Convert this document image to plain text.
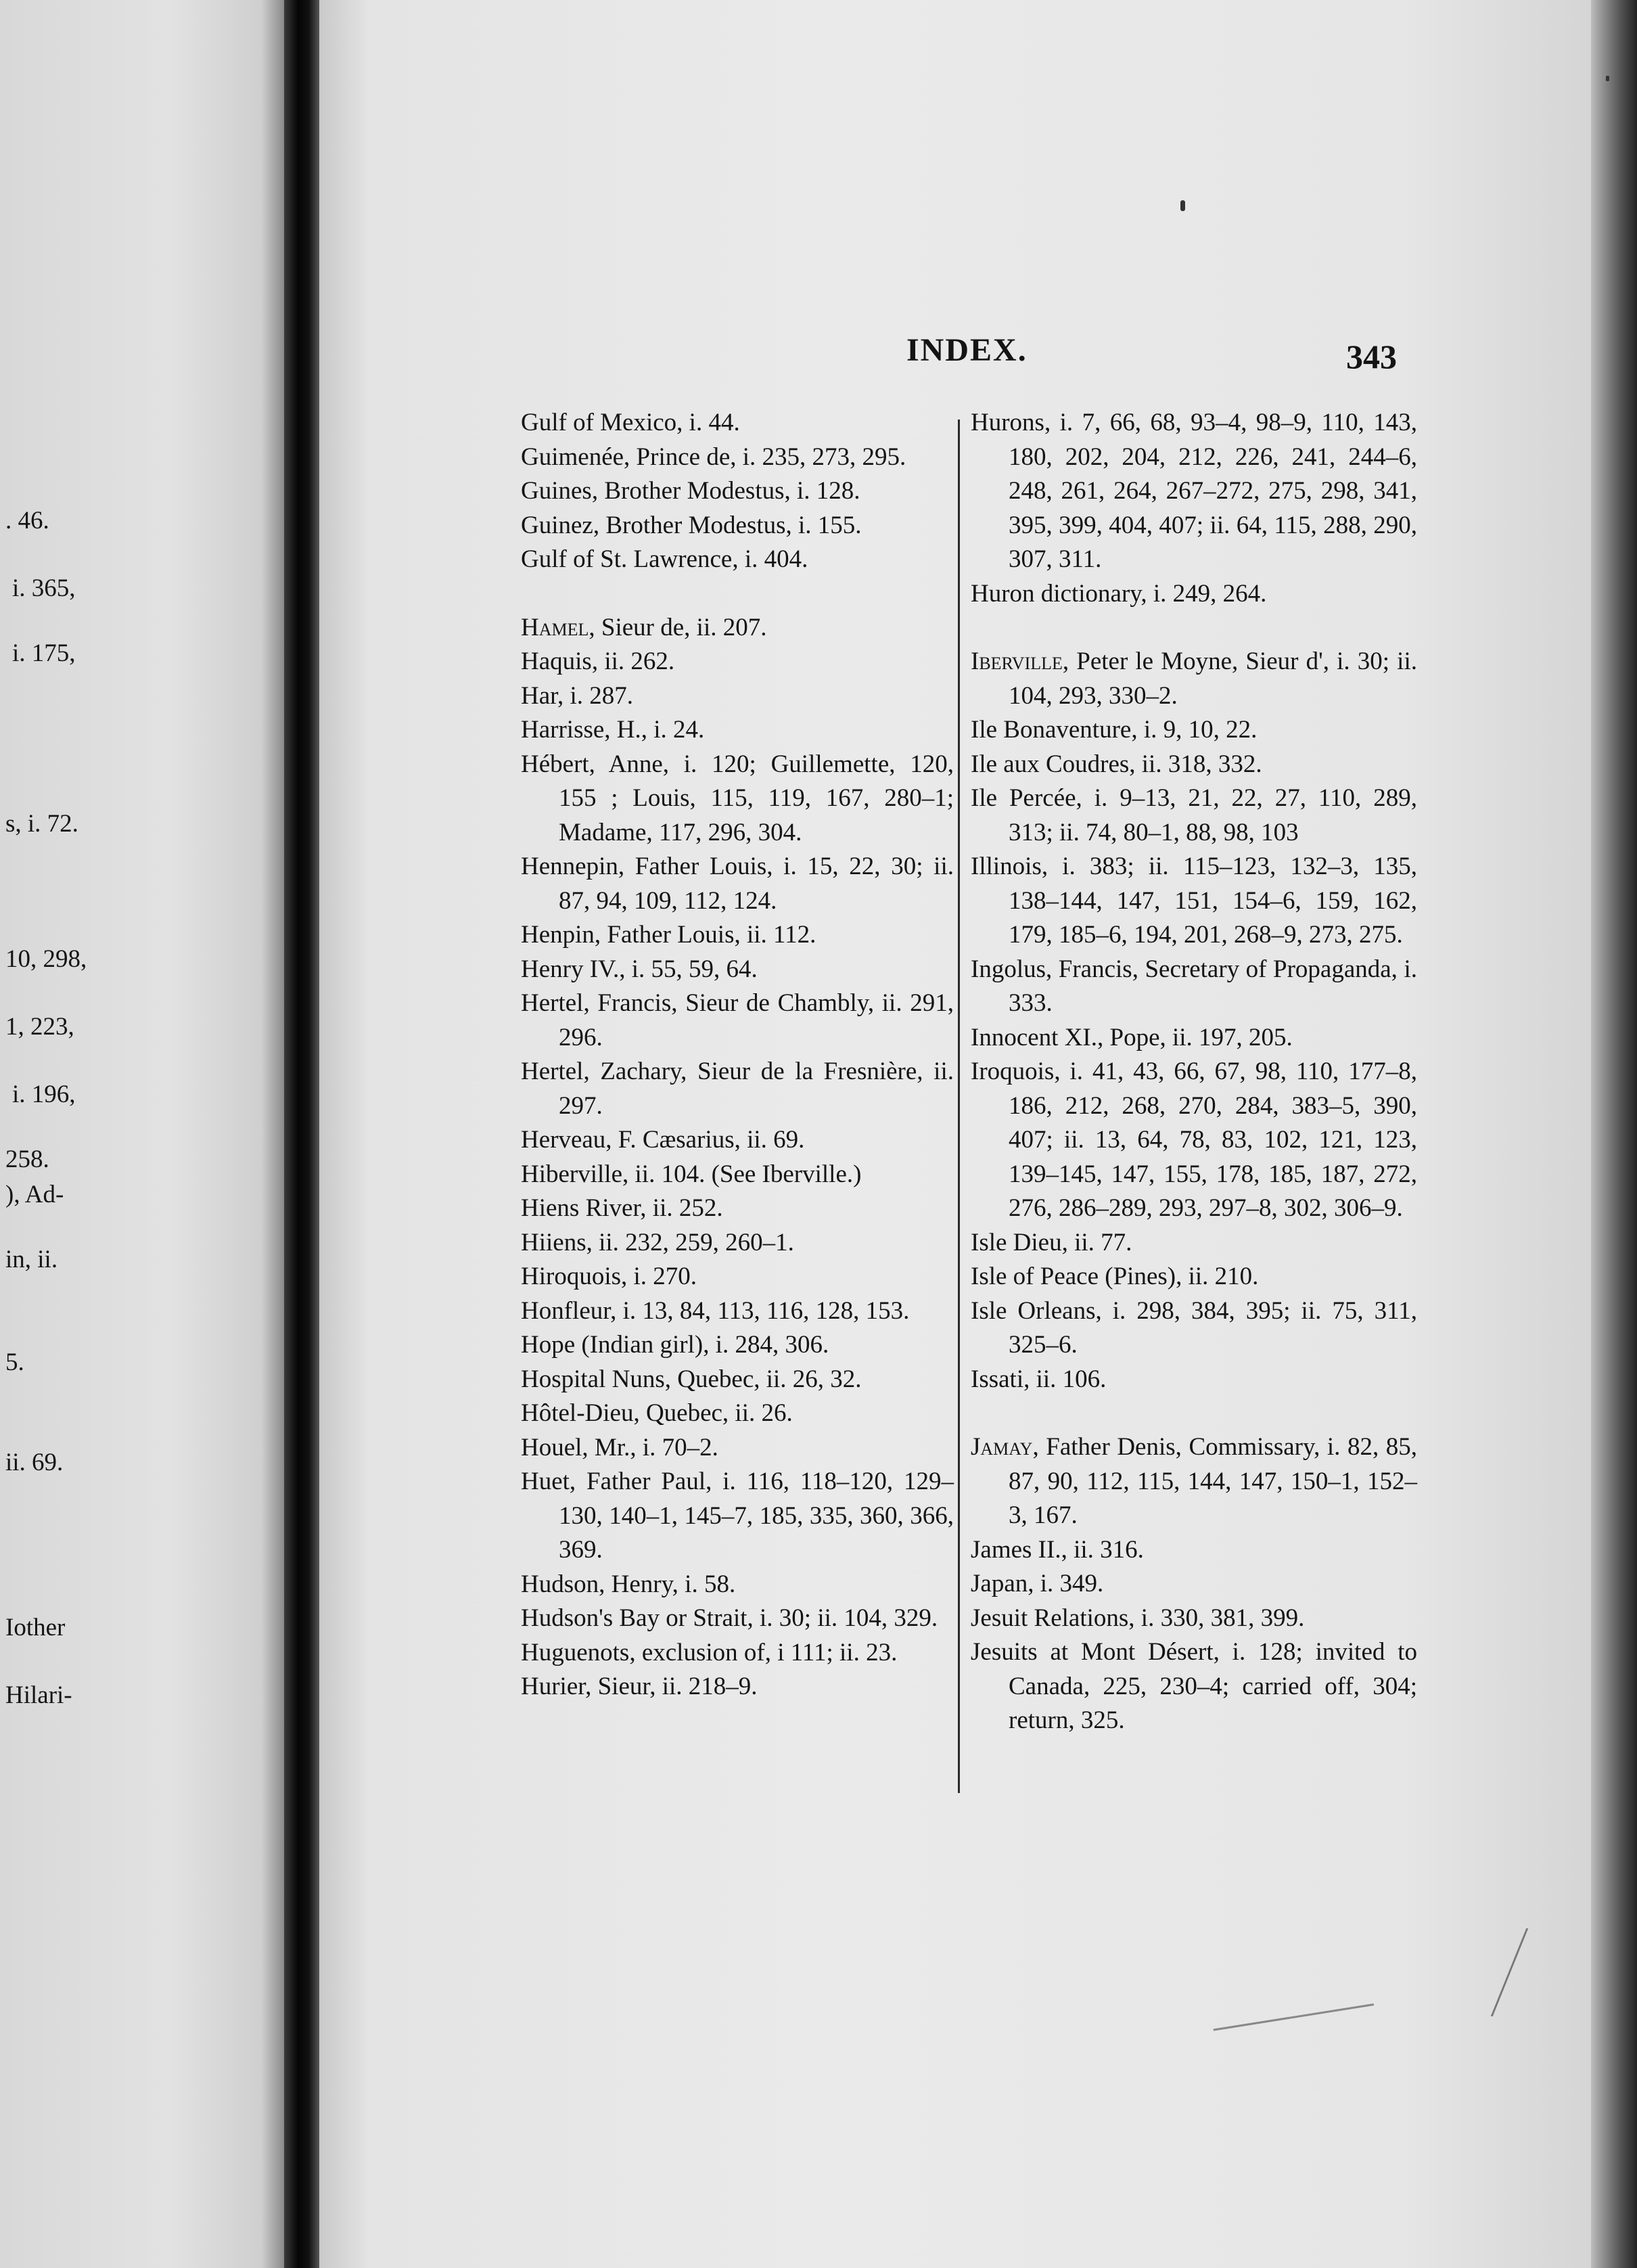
. 46.
i. 365,
i. 175,
s, i. 72.
10, 298,
1, 223,
i. 196,
258.
), Ad-
in, ii.
5.
ii. 69.
Iother
Hilari-
INDEX.	343
Gulf of Mexico, i. 44.
Guimenée, Prince de, i. 235, 273, 295.
Guines, Brother Modestus, i. 128.
Guinez, Brother Modestus, i. 155.
Gulf of St. Lawrence, i. 404.
Hamel, Sieur de, ii. 207.
Haquis, ii. 262.
Har, i. 287.
Harrisse, H., i. 24.
Hébert, Anne, i. 120; Guillemette, 120, 155 ; Louis, 115, 119, 167, 280–1; Madame, 117, 296, 304.
Hennepin, Father Louis, i. 15, 22, 30; ii. 87, 94, 109, 112, 124.
Henpin, Father Louis, ii. 112.
Henry IV., i. 55, 59, 64.
Hertel, Francis, Sieur de Chambly, ii. 291, 296.
Hertel, Zachary, Sieur de la Fresnière, ii. 297.
Herveau, F. Cæsarius, ii. 69.
Hiberville, ii. 104. (See Iberville.)
Hiens River, ii. 252.
Hiiens, ii. 232, 259, 260–1.
Hiroquois, i. 270.
Honfleur, i. 13, 84, 113, 116, 128, 153.
Hope (Indian girl), i. 284, 306.
Hospital Nuns, Quebec, ii. 26, 32.
Hôtel-Dieu, Quebec, ii. 26.
Houel, Mr., i. 70–2.
Huet, Father Paul, i. 116, 118–120, 129–130, 140–1, 145–7, 185, 335, 360, 366, 369.
Hudson, Henry, i. 58.
Hudson's Bay or Strait, i. 30; ii. 104, 329.
Huguenots, exclusion of, i 111; ii. 23.
Hurier, Sieur, ii. 218–9.
Hurons, i. 7, 66, 68, 93–4, 98–9, 110, 143, 180, 202, 204, 212, 226, 241, 244–6, 248, 261, 264, 267–272, 275, 298, 341, 395, 399, 404, 407; ii. 64, 115, 288, 290, 307, 311.
Huron dictionary, i. 249, 264.
Iberville, Peter le Moyne, Sieur d', i. 30; ii. 104, 293, 330–2.
Ile Bonaventure, i. 9, 10, 22.
Ile aux Coudres, ii. 318, 332.
Ile Percée, i. 9–13, 21, 22, 27, 110, 289, 313; ii. 74, 80–1, 88, 98, 103
Illinois, i. 383; ii. 115–123, 132–3, 135, 138–144, 147, 151, 154–6, 159, 162, 179, 185–6, 194, 201, 268–9, 273, 275.
Ingolus, Francis, Secretary of Propaganda, i. 333.
Innocent XI., Pope, ii. 197, 205.
Iroquois, i. 41, 43, 66, 67, 98, 110, 177–8, 186, 212, 268, 270, 284, 383–5, 390, 407; ii. 13, 64, 78, 83, 102, 121, 123, 139–145, 147, 155, 178, 185, 187, 272, 276, 286–289, 293, 297–8, 302, 306–9.
Isle Dieu, ii. 77.
Isle of Peace (Pines), ii. 210.
Isle Orleans, i. 298, 384, 395; ii. 75, 311, 325–6.
Issati, ii. 106.
Jamay, Father Denis, Commissary, i. 82, 85, 87, 90, 112, 115, 144, 147, 150–1, 152–3, 167.
James II., ii. 316.
Japan, i. 349.
Jesuit Relations, i. 330, 381, 399.
Jesuits at Mont Désert, i. 128; invited to Canada, 225, 230–4; carried off, 304; return, 325.
